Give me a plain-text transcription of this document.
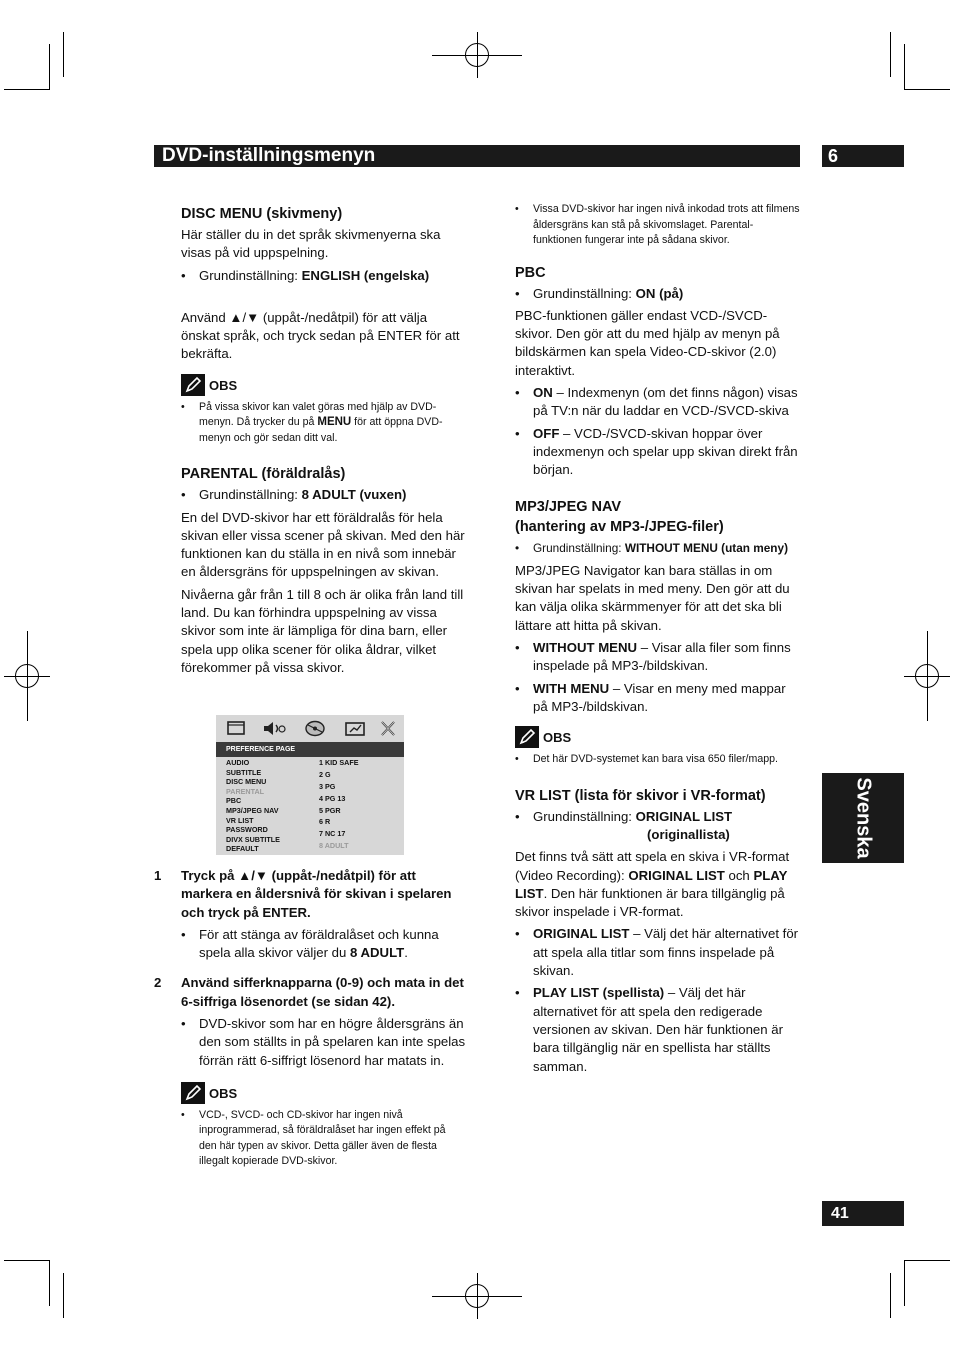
DVD-inställningsmenyn	6
Svenska
41
DISC MENU (skivmeny)

Här ställer du in det språk skivmenyerna ska visas på vid uppspelning.

• Grundinställning: ENGLISH (engelska)

Använd ▲/▼ (uppåt-/nedåtpil) för att välja önskat språk, och tryck sedan på ENTER för att bekräfta.

OBS
• På vissa skivor kan valet göras med hjälp av DVD-menyn. Då trycker du på MENU för att öppna DVD-menyn och gör sedan ditt val.
PARENTAL (föräldralås)
• Grundinställning: 8 ADULT (vuxen)

En del DVD-skivor har ett föräldralås för hela skivan eller vissa scener på skivan. Med den här funktionen kan du ställa in en nivå som innebär en åldersgräns för uppspelningen av skivan.

Nivåerna går från 1 till 8 och är olika från land till land. Du kan förhindra uppspelning av vissa skivor som inte är lämpliga för dina barn, eller spela upp olika scener för olika åldrar, vilket förekommer på vissa skivor.

PREFERENCE PAGE
AUDIO
SUBTITLE
DISC MENU
PARENTAL
PBC
MP3/JPEG NAV
VR LIST
PASSWORD
DIVX SUBTITLE
DEFAULT
1 KID SAFE
2 G
3 PG
4 PG 13
5 PGR
6 R
7 NC 17
8 ADULT
1 Tryck på ▲/▼ (uppåt-/nedåtpil) för att markera en åldersnivå för skivan i spelaren och tryck på ENTER.
• För att stänga av föräldralåset och kunna spela alla skivor väljer du 8 ADULT.
2 Använd sifferknapparna (0-9) och mata in det 6-siffriga lösenordet (se sidan 42).
• DVD-skivor som har en högre åldersgräns än den som ställts in på spelaren kan inte spelas förrän rätt 6-siffrigt lösenord har matats in.
OBS
• VCD-, SVCD- och CD-skivor har ingen nivå inprogrammerad, så föräldralåset har ingen effekt på den här typen av skivor. Detta gäller även de flesta illegalt kopierade DVD-skivor.
• Vissa DVD-skivor har ingen nivå inkodad trots att filmens åldersgräns kan stå på skivomslaget. Parental-funktionen fungerar inte på sådana skivor.
PBC
• Grundinställning: ON (på)

PBC-funktionen gäller endast VCD-/SVCD-skivor. Den gör att du med hjälp av menyn på bildskärmen kan spela Video-CD-skivor (2.0) interaktivt.

• ON – Indexmenyn (om det finns någon) visas på TV:n när du laddar en VCD-/SVCD-skiva
• OFF – VCD-/SVCD-skivan hoppar över indexmenyn och spelar upp skivan direkt från början.
MP3/JPEG NAV
(hantering av MP3-/JPEG-filer)
• Grundinställning: WITHOUT MENU (utan meny)

MP3/JPEG Navigator kan bara ställas in om skivan har spelats in med meny. Den gör att du kan välja olika skärmmenyer för att det ska bli lättare att hitta på skivan.

• WITHOUT MENU – Visar alla filer som finns inspelade på MP3-/bildskivan.
• WITH MENU – Visar en meny med mappar på MP3-/bildskivan.
OBS
• Det här DVD-systemet kan bara visa 650 filer/mapp.
VR LIST (lista för skivor i VR-format)
• Grundinställning: ORIGINAL LIST
(originallista)

Det finns två sätt att spela en skiva i VR-format (Video Recording): ORIGINAL LIST och PLAY LIST. Den här funktionen är bara tillgänglig på skivor inspelade i VR-format.

• ORIGINAL LIST – Välj det här alternativet för att spela alla titlar som finns inspelade på skivan.
• PLAY LIST (spellista) – Välj det här alternativet för att spela den redigerade versionen av skivan. Den här funktionen är bara tillgänglig när en spellista har ställts samman.
